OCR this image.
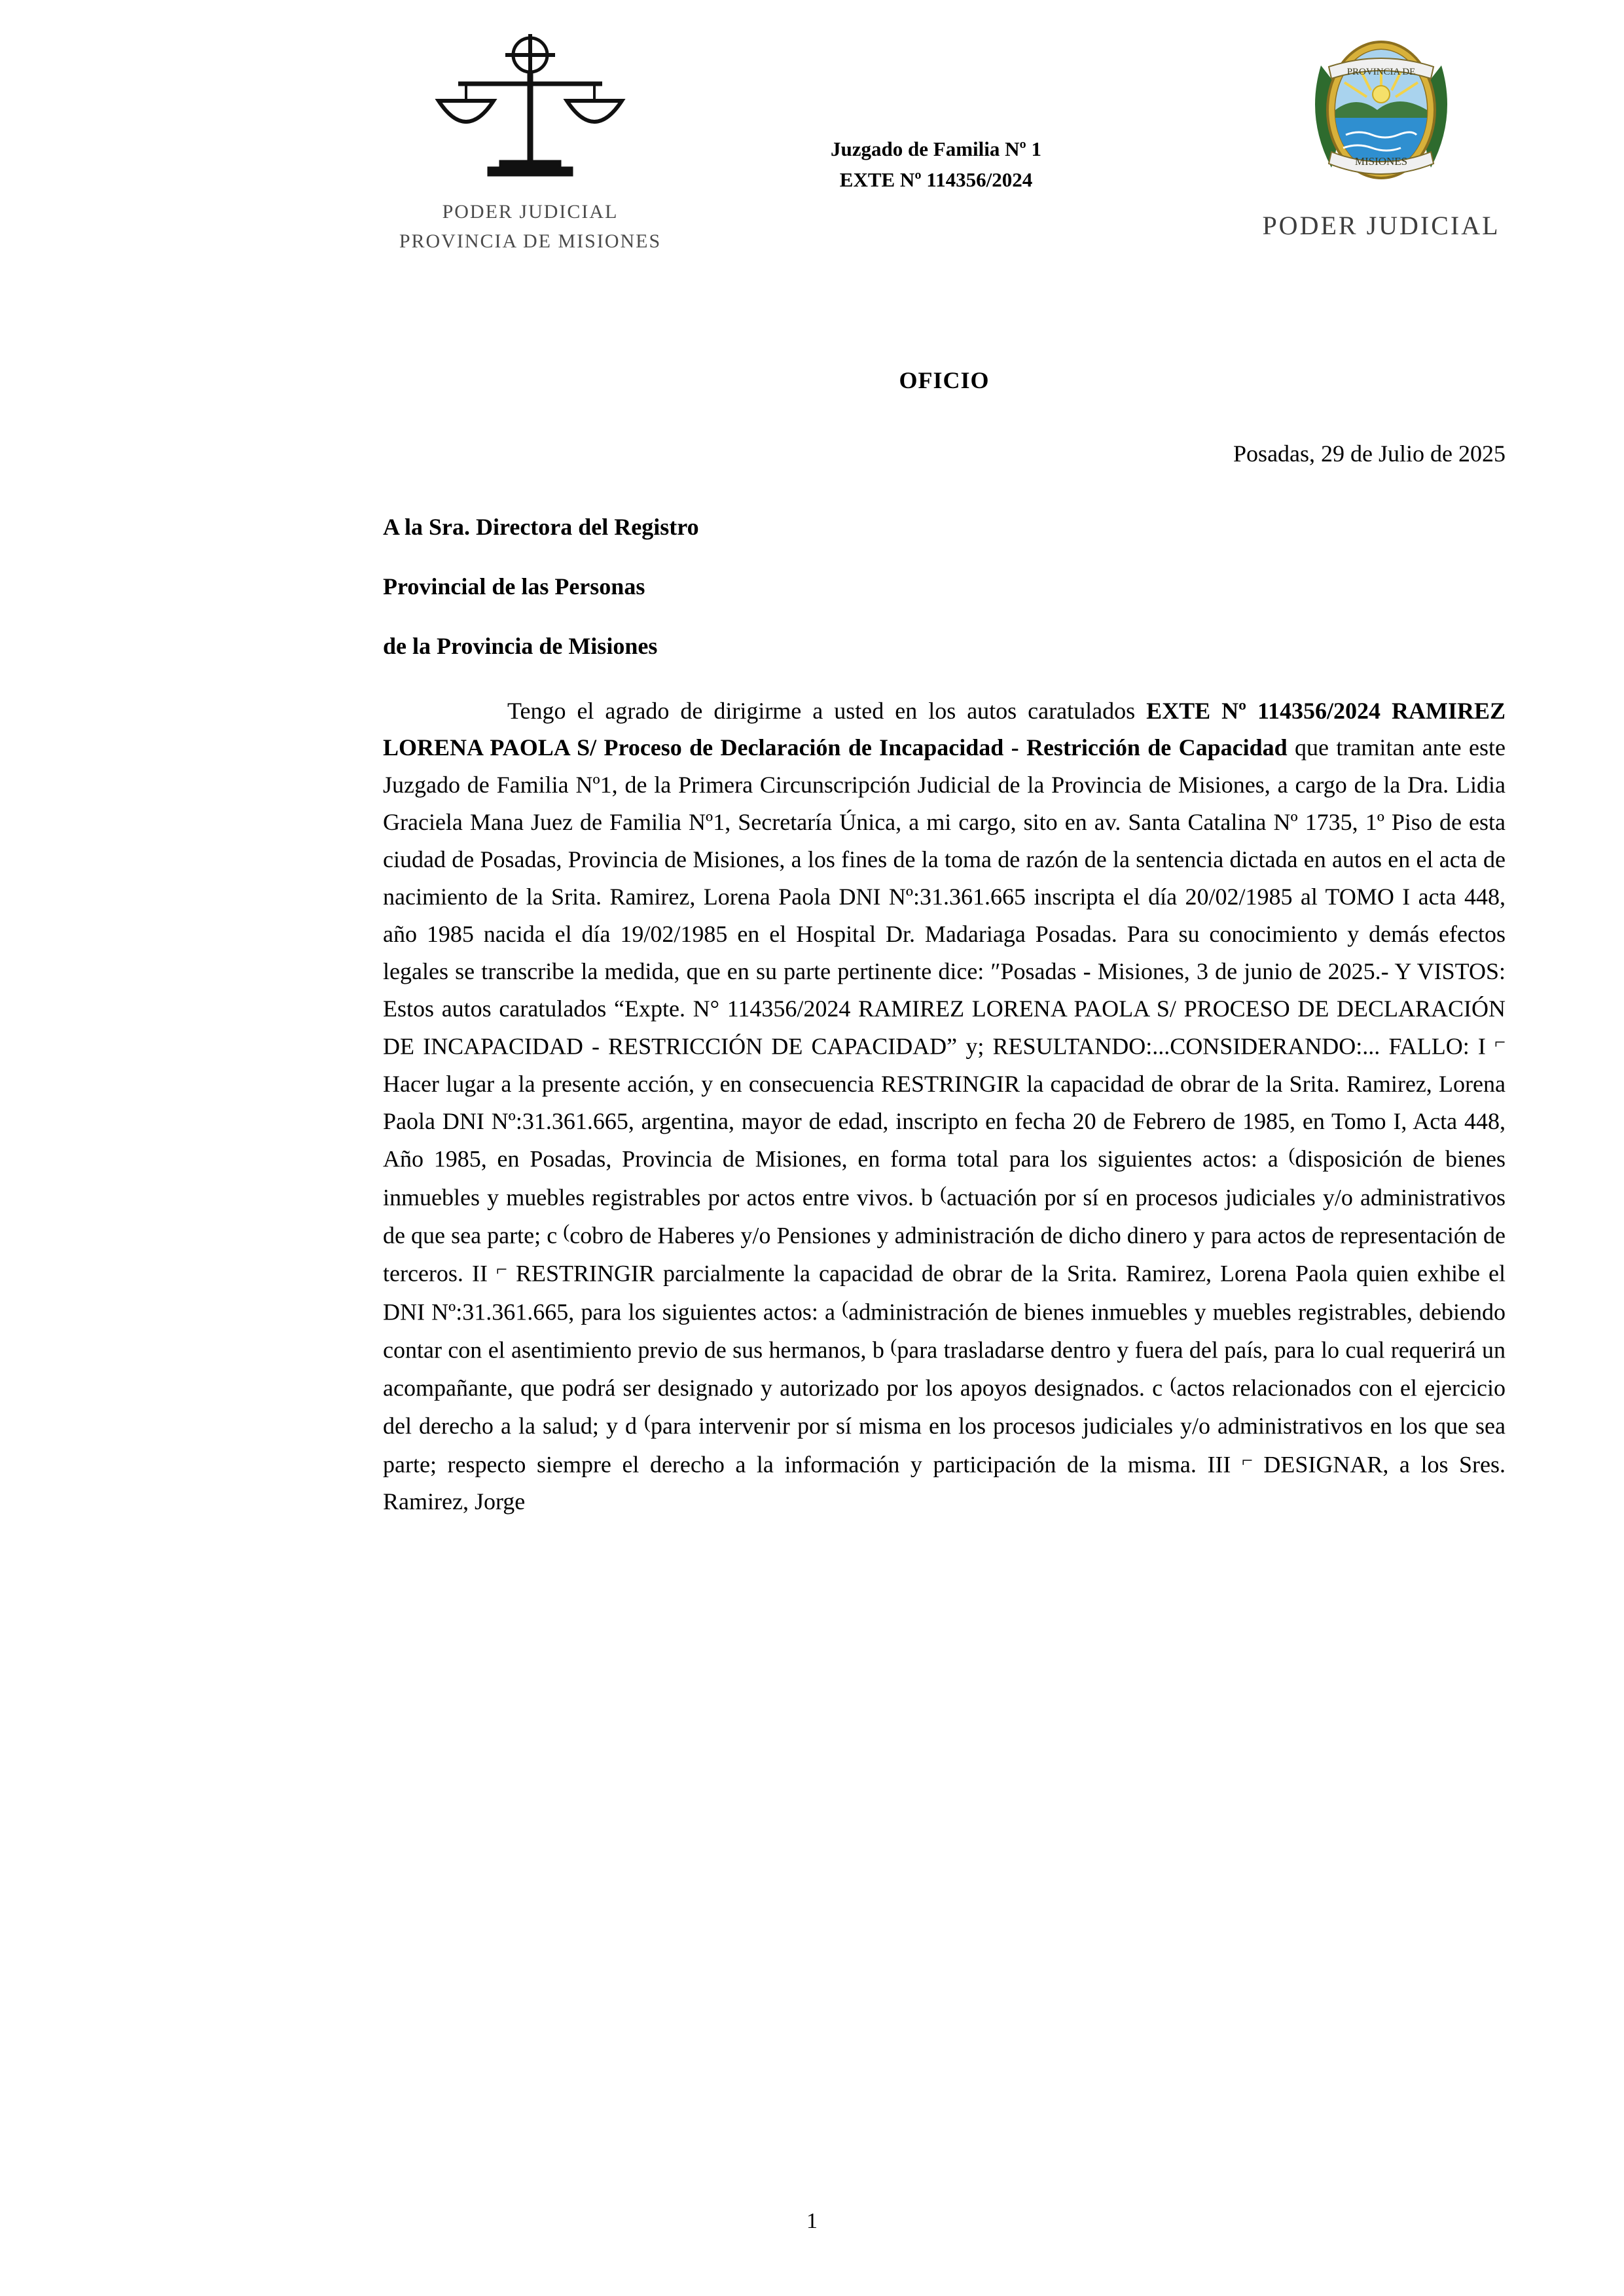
PODER JUDICIAL
PROVINCIA DE MISIONES
Juzgado de Familia Nº 1
EXTE Nº 114356/2024
PROVINCIA DE
MISIONES
PODER JUDICIAL
OFICIO
Posadas, 29 de Julio de 2025
A la Sra. Directora del Registro
Provincial de las Personas
de la Provincia de Misiones

Tengo el agrado de dirigirme a usted en los autos caratulados EXTE Nº 114356/2024 RAMIREZ LORENA PAOLA S/ Proceso de Declaración de Incapacidad - Restricción de Capacidad que tramitan ante este Juzgado de Familia Nº1, de la Primera Circunscripción Judicial de la Provincia de Misiones, a cargo de la Dra. Lidia Graciela Mana Juez de Familia Nº1, Secretaría Única, a mi cargo, sito en av. Santa Catalina Nº 1735, 1º Piso de esta ciudad de Posadas, Provincia de Misiones, a los fines de la toma de razón de la sentencia dictada en autos en el acta de nacimiento de la Srita. Ramirez, Lorena Paola DNI Nº:31.361.665 inscripta el día 20/02/1985 al TOMO I acta 448, año 1985 nacida el día 19/02/1985 en el Hospital Dr. Madariaga Posadas. Para su conocimiento y demás efectos legales se transcribe la medida, que en su parte pertinente dice: ″Posadas - Misiones, 3 de junio de 2025.- Y VISTOS: Estos autos caratulados “Expte. N° 114356/2024 RAMIREZ LORENA PAOLA S/ PROCESO DE DECLARACIÓN DE INCAPACIDAD - RESTRICCIÓN DE CAPACIDAD” y; RESULTANDO:...CONSIDERANDO:... FALLO: I ⌐ Hacer lugar a la presente acción, y en consecuencia RESTRINGIR la capacidad de obrar de la Srita. Ramirez, Lorena Paola DNI Nº:31.361.665, argentina, mayor de edad, inscripto en fecha 20 de Febrero de 1985, en Tomo I, Acta 448, Año 1985, en Posadas, Provincia de Misiones, en forma total para los siguientes actos: a (disposición de bienes inmuebles y muebles registrables por actos entre vivos. b (actuación por sí en procesos judiciales y/o administrativos de que sea parte; c (cobro de Haberes y/o Pensiones y administración de dicho dinero y para actos de representación de terceros. II ⌐ RESTRINGIR parcialmente la capacidad de obrar de la Srita. Ramirez, Lorena Paola quien exhibe el DNI Nº:31.361.665, para los siguientes actos: a (administración de bienes inmuebles y muebles registrables, debiendo contar con el asentimiento previo de sus hermanos, b (para trasladarse dentro y fuera del país, para lo cual requerirá un acompañante, que podrá ser designado y autorizado por los apoyos designados. c (actos relacionados con el ejercicio del derecho a la salud; y d (para intervenir por sí misma en los procesos judiciales y/o administrativos en los que sea parte; respecto siempre el derecho a la información y participación de la misma. III ⌐ DESIGNAR, a los Sres. Ramirez, Jorge

1
